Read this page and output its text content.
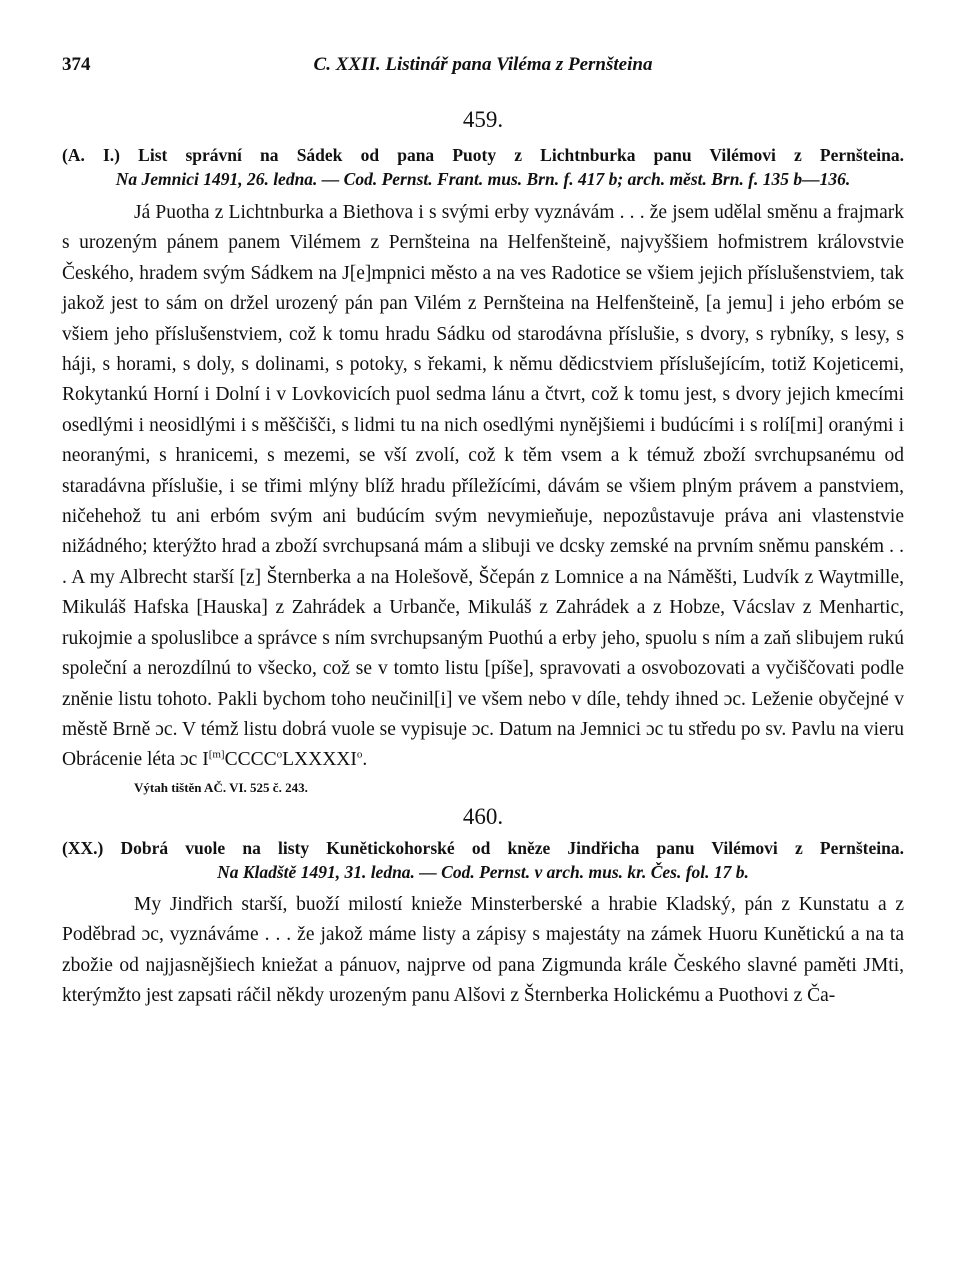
374	C. XXII. Listinář pana Viléma z Pernšteina
459.
(A. I.) List správní na Sádek od pana Puoty z Lichtnburka panu Vilémovi z Pernšteina.
Na Jemnici 1491, 26. ledna. — Cod. Pernst. Frant. mus. Brn. f. 417 b; arch. měst. Brn. f. 135 b—136.

Já Puotha z Lichtnburka a Biethova i s svými erby vyznávám . . . že jsem udělal směnu a frajmark s urozeným pánem panem Vilémem z Pernšteina na Helfenšteině, najvyššiem hofmistrem královstvie Českého, hradem svým Sádkem na J[e]mpnici město a na ves Radotice se všiem jejich příslušenstviem, tak jakož jest to sám on držel urozený pán pan Vilém z Pernšteina na Helfenšteině, [a jemu] i jeho erbóm se všiem jeho příslušenstviem, což k tomu hradu Sádku od starodávna příslušie, s dvory, s rybníky, s lesy, s háji, s horami, s doly, s dolinami, s potoky, s řekami, k němu dědicstviem příslušejícím, totiž Kojeticemi, Rokytankú Horní i Dolní i v Lovkovicích puol sedma lánu a čtvrt, což k tomu jest, s dvory jejich kmecími osedlými i neosidlými i s měščišči, s lidmi tu na nich osedlými nynějšiemi i budúcími i s rolí[mi] oranými i neoranými, s hranicemi, s mezemi, se vší zvolí, což k těm vsem a k témuž zboží svrchupsanému od staradávna příslušie, i se třimi mlýny blíž hradu příležícími, dávám se všiem plným právem a panstviem, ničehehož tu ani erbóm svým ani budúcím svým nevymieňuje, nepozůstavuje práva ani vlastenstvie nižádného; kterýžto hrad a zboží svrchupsaná mám a slibuji ve dcsky zemské na prvním sněmu panském . . . A my Albrecht starší [z] Šternberka a na Holešově, Ščepán z Lomnice a na Náměšti, Ludvík z Waytmille, Mikuláš Hafska [Hauska] z Zahrádek a Urbanče, Mikuláš z Zahrádek a z Hobze, Vácslav z Menhartic, rukojmie a spoluslibce a správce s ním svrchupsaným Puothú a erby jeho, spuolu s ním a zaň slibujem rukú společní a nerozdílnú to všecko, což se v tomto listu [píše], spravovati a osvobozovati a vyčiščovati podle zněnie listu tohoto. Pakli bychom toho neučinil[i] ve všem nebo v díle, tehdy ihned ɔc. Leženie obyčejné v městě Brně ɔc. V témž listu dobrá vuole se vypisuje ɔc. Datum na Jemnici ɔc tu středu po sv. Pavlu na vieru Obrácenie léta ɔc I[m]CCCC$^o$LXXXXI$^o$.

Výtah tištěn AČ. VI. 525 č. 243.
460.
(XX.) Dobrá vuole na listy Kunětickohorské od kněze Jindřicha panu Vilémovi z Pernšteina.
Na Kladště 1491, 31. ledna. — Cod. Pernst. v arch. mus. kr. Čes. fol. 17 b.

My Jindřich starší, buoží milostí knieže Minsterberské a hrabie Kladský, pán z Kunstatu a z Poděbrad ɔc, vyznáváme . . . že jakož máme listy a zápisy s majestáty na zámek Huoru Kunětickú a na ta zbožie od najjasnějšiech kniežat a pánuov, najprve od pana Zigmunda krále Českého slavné paměti JMti, kterýmžto jest zapsati ráčil někdy urozeným panu Alšovi z Šternberka Holickému a Puothovi z Ča-
